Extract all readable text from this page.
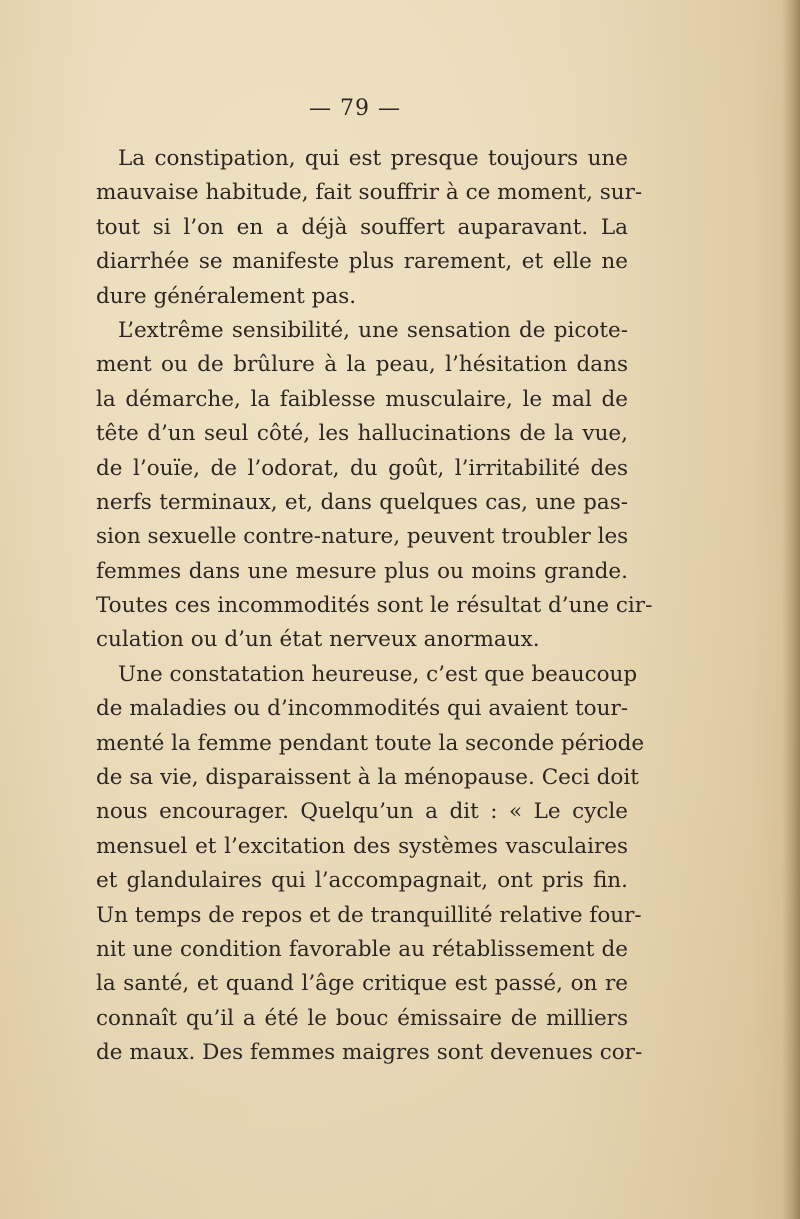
— 79 —
La constipation, qui est presque toujours une
mauvaise habitude, fait souffrir à ce moment, sur-
tout si l’on en a déjà souffert auparavant. La
diarrhée se manifeste plus rarement, et elle ne
dure généralement pas.
L’extrême sensibilité, une sensation de picote-
ment ou de brûlure à la peau, l’hésitation dans
la démarche, la faiblesse musculaire, le mal de
tête d’un seul côté, les hallucinations de la vue,
de l’ouïe, de l’odorat, du goût, l’irritabilité des
nerfs terminaux, et, dans quelques cas, une pas-
sion sexuelle contre-nature, peuvent troubler les
femmes dans une mesure plus ou moins grande.
Toutes ces incommodités sont le résultat d’une cir-
culation ou d’un état nerveux anormaux.
Une constatation heureuse, c’est que beaucoup
de maladies ou d’incommodités qui avaient tour-
menté la femme pendant toute la seconde période
de sa vie, disparaissent à la ménopause. Ceci doit
nous encourager. Quelqu’un a dit : « Le cycle
mensuel et l’excitation des systèmes vasculaires
et glandulaires qui l’accompagnait, ont pris fin.
Un temps de repos et de tranquillité relative four-
nit une condition favorable au rétablissement de
la santé, et quand l’âge critique est passé, on re
connaît qu’il a été le bouc émissaire de milliers
de maux. Des femmes maigres sont devenues cor-
